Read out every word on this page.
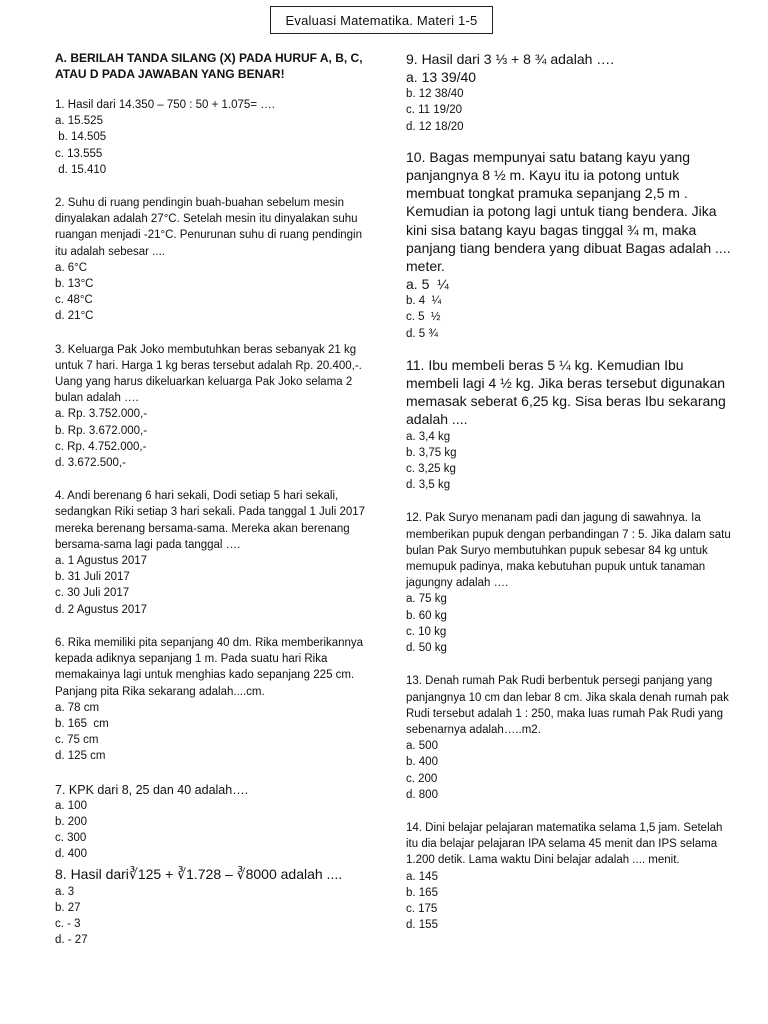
Evaluasi Matematika. Materi 1-5
A. BERILAH TANDA SILANG (X) PADA HURUF A, B, C, ATAU D PADA JAWABAN YANG BENAR!
1. Hasil dari 14.350 – 750 : 50 + 1.075= ….
a. 15.525
b. 14.505
c. 13.555
d. 15.410
2. Suhu di ruang pendingin buah-buahan sebelum mesin dinyalakan adalah 27°C. Setelah mesin itu dinyalakan suhu ruangan menjadi -21°C. Penurunan suhu di ruang pendingin itu adalah sebesar ....
a. 6°C
b. 13°C
c. 48°C
d. 21°C
3. Keluarga Pak Joko membutuhkan beras sebanyak 21 kg untuk 7 hari. Harga 1 kg beras tersebut adalah Rp. 20.400,-. Uang yang harus dikeluarkan keluarga Pak Joko selama 2 bulan adalah ….
a. Rp. 3.752.000,-
b. Rp. 3.672.000,-
c. Rp. 4.752.000,-
d. 3.672.500,-
4. Andi berenang 6 hari sekali, Dodi setiap 5 hari sekali, sedangkan Riki setiap 3 hari sekali. Pada tanggal 1 Juli 2017 mereka berenang bersama-sama. Mereka akan berenang bersama-sama lagi pada tanggal ….
a. 1 Agustus 2017
b. 31 Juli 2017
c. 30 Juli 2017
d. 2 Agustus 2017
6. Rika memiliki pita sepanjang 40 dm. Rika memberikannya kepada adiknya sepanjang 1 m. Pada suatu hari Rika memakainya lagi untuk menghias kado sepanjang 225 cm. Panjang pita Rika sekarang adalah....cm.
a. 78 cm
b. 165  cm
c. 75 cm
d. 125 cm
7. KPK dari 8, 25 dan 40 adalah….
a. 100
b. 200
c. 300
d. 400
8. Hasil dari∛125 + ∛1.728 – ∛8000 adalah ....
a. 3
b. 27
c. - 3
d. - 27
9. Hasil dari 3 ⅓ + 8 ¾ adalah ….
a. 13 39/40
b. 12 38/40
c. 11 19/20
d. 12 18/20
10. Bagas mempunyai satu batang kayu yang panjangnya 8 ½ m. Kayu itu ia potong untuk membuat tongkat pramuka sepanjang 2,5 m . Kemudian ia potong lagi untuk tiang bendera. Jika kini sisa batang kayu bagas tinggal ¾ m, maka panjang tiang bendera yang dibuat Bagas adalah .... meter.
a. 5  ¼
b. 4  ¼
c. 5  ½
d. 5 ¾
11. Ibu membeli beras 5 ¼ kg. Kemudian Ibu membeli lagi 4 ½ kg. Jika beras tersebut digunakan memasak seberat 6,25 kg. Sisa beras Ibu sekarang adalah ....
a. 3,4 kg
b. 3,75 kg
c. 3,25 kg
d. 3,5 kg
12. Pak Suryo menanam padi dan jagung di sawahnya. Ia memberikan pupuk dengan perbandingan 7 : 5. Jika dalam satu bulan Pak Suryo membutuhkan pupuk sebesar 84 kg untuk memupuk padinya, maka kebutuhan pupuk untuk tanaman jagungny adalah ….
a. 75 kg
b. 60 kg
c. 10 kg
d. 50 kg
13. Denah rumah Pak Rudi berbentuk persegi panjang yang panjangnya 10 cm dan lebar 8 cm. Jika skala denah rumah pak Rudi tersebut adalah 1 : 250, maka luas rumah Pak Rudi yang sebenarnya adalah…..m2.
a. 500
b. 400
c. 200
d. 800
14. Dini belajar pelajaran matematika selama 1,5 jam. Setelah itu dia belajar pelajaran IPA selama 45 menit dan IPS selama 1.200 detik. Lama waktu Dini belajar adalah .... menit.
a. 145
b. 165
c. 175
d. 155
